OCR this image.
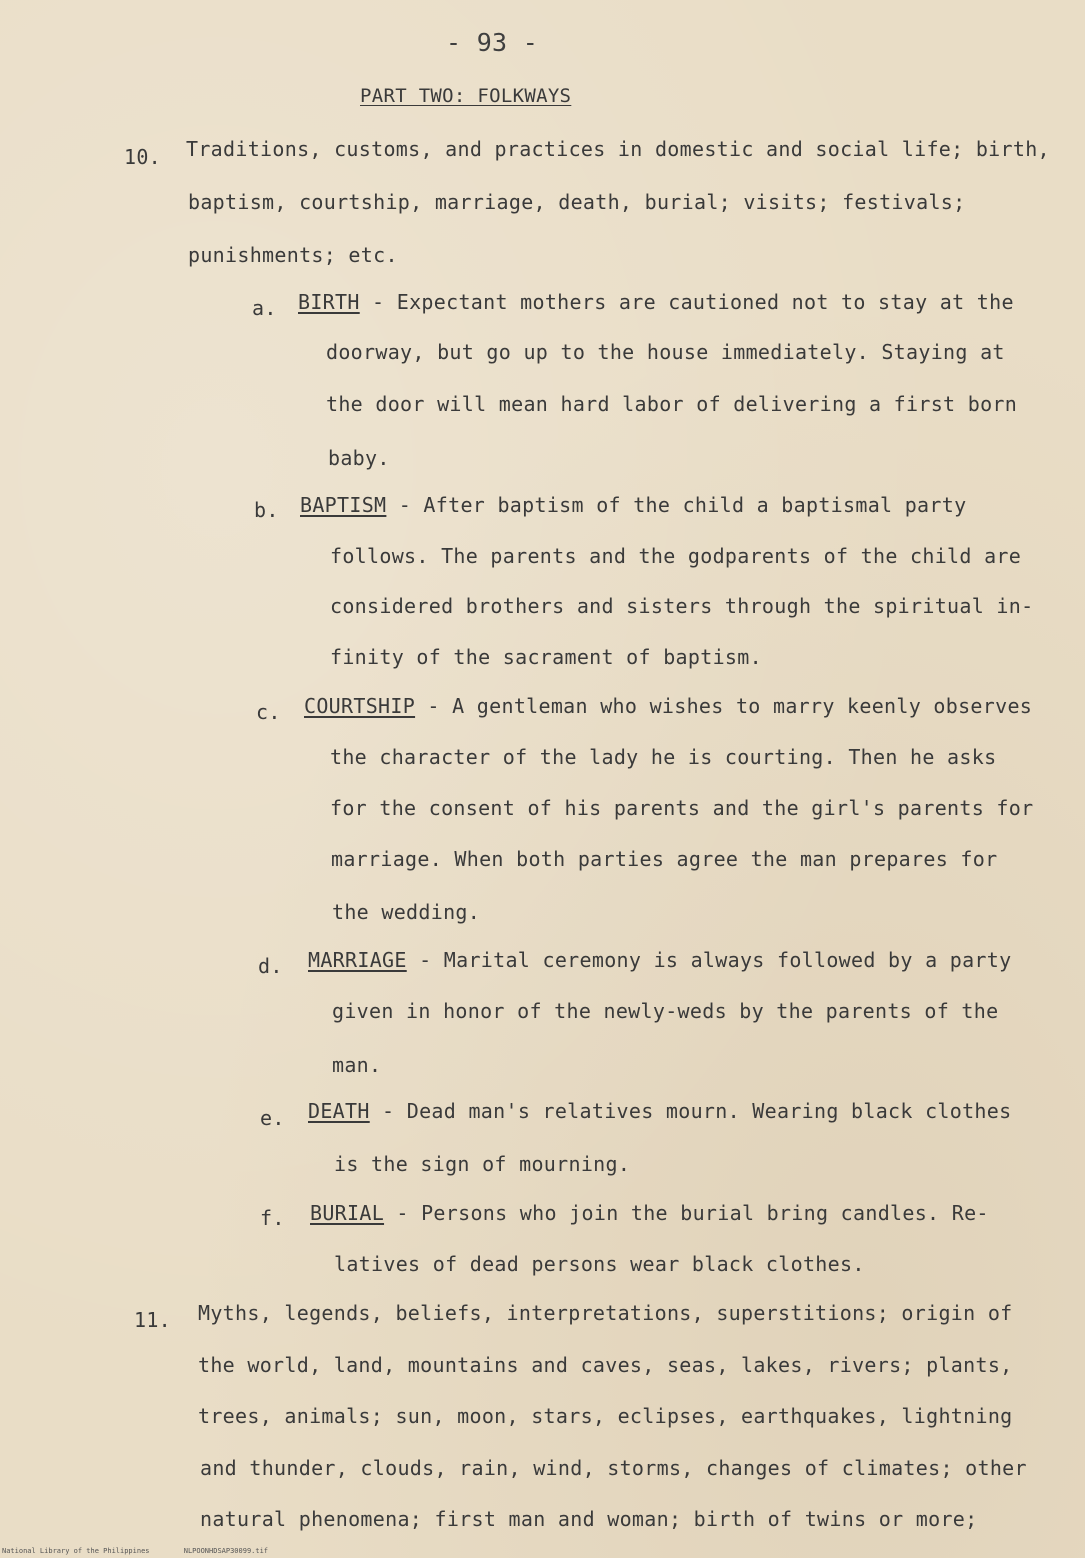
- 93 -
PART TWO: FOLKWAYS
10. Traditions, customs, and practices in domestic and social life; birth,
baptism, courtship, marriage, death, burial; visits; festivals;
punishments; etc.
a. BIRTH - Expectant mothers are cautioned not to stay at the
doorway, but go up to the house immediately. Staying at
the door will mean hard labor of delivering a first born
baby.
b. BAPTISM - After baptism of the child a baptismal party
follows. The parents and the godparents of the child are
considered brothers and sisters through the spiritual in-
finity of the sacrament of baptism.
c. COURTSHIP - A gentleman who wishes to marry keenly observes
the character of the lady he is courting. Then he asks
for the consent of his parents and the girl's parents for
marriage. When both parties agree the man prepares for
the wedding.
d. MARRIAGE - Marital ceremony is always followed by a party
given in honor of the newly-weds by the parents of the
man.
e. DEATH - Dead man's relatives mourn. Wearing black clothes
is the sign of mourning.
f. BURIAL - Persons who join the burial bring candles. Re-
latives of dead persons wear black clothes.
11. Myths, legends, beliefs, interpretations, superstitions; origin of
the world, land, mountains and caves, seas, lakes, rivers; plants,
trees, animals; sun, moon, stars, eclipses, earthquakes, lightning
and thunder, clouds, rain, wind, storms, changes of climates; other
natural phenomena; first man and woman; birth of twins or more;
National Library of the Philippines	NLPOONHDSAP30099.tif
